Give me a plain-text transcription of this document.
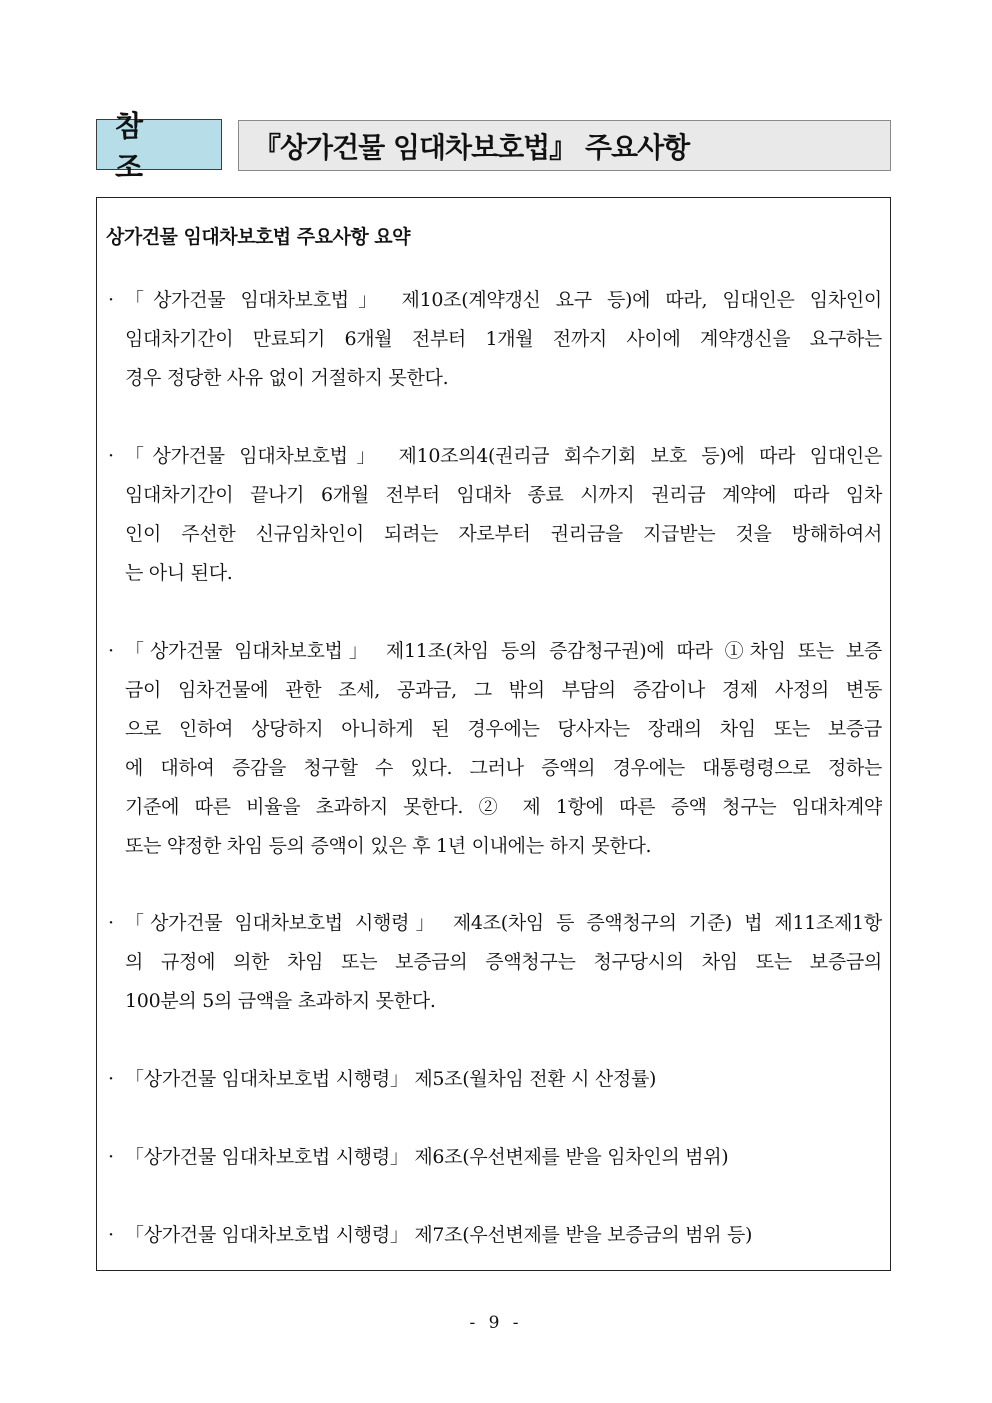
참 조
『상가건물 임대차보호법』 주요사항
상가건물 임대차보호법 주요사항 요약
· 「상가건물 임대차보호법」 제10조(계약갱신 요구 등)에 따라, 임대인은 임차인이
임대차기간이 만료되기 6개월 전부터 1개월 전까지 사이에 계약갱신을 요구하는
경우 정당한 사유 없이 거절하지 못한다.
· 「상가건물 임대차보호법」 제10조의4(권리금 회수기회 보호 등)에 따라 임대인은
임대차기간이 끝나기 6개월 전부터 임대차 종료 시까지 권리금 계약에 따라 임차
인이 주선한 신규임차인이 되려는 자로부터 권리금을 지급받는 것을 방해하여서
는 아니 된다.
· 「상가건물 임대차보호법」 제11조(차임 등의 증감청구권)에 따라 ①차임 또는 보증
금이 임차건물에 관한 조세, 공과금, 그 밖의 부담의 증감이나 경제 사정의 변동
으로 인하여 상당하지 아니하게 된 경우에는 당사자는 장래의 차임 또는 보증금
에 대하여 증감을 청구할 수 있다. 그러나 증액의 경우에는 대통령령으로 정하는
기준에 따른 비율을 초과하지 못한다. ② 제 1항에 따른 증액 청구는 임대차계약
또는 약정한 차임 등의 증액이 있은 후 1년 이내에는 하지 못한다.
· 「상가건물 임대차보호법 시행령」 제4조(차임 등 증액청구의 기준) 법 제11조제1항
의 규정에 의한 차임 또는 보증금의 증액청구는 청구당시의 차임 또는 보증금의
100분의 5의 금액을 초과하지 못한다.
· 「상가건물 임대차보호법 시행령」 제5조(월차임 전환 시 산정률)
· 「상가건물 임대차보호법 시행령」 제6조(우선변제를 받을 임차인의 범위)
· 「상가건물 임대차보호법 시행령」 제7조(우선변제를 받을 보증금의 범위 등)
- 9 -
